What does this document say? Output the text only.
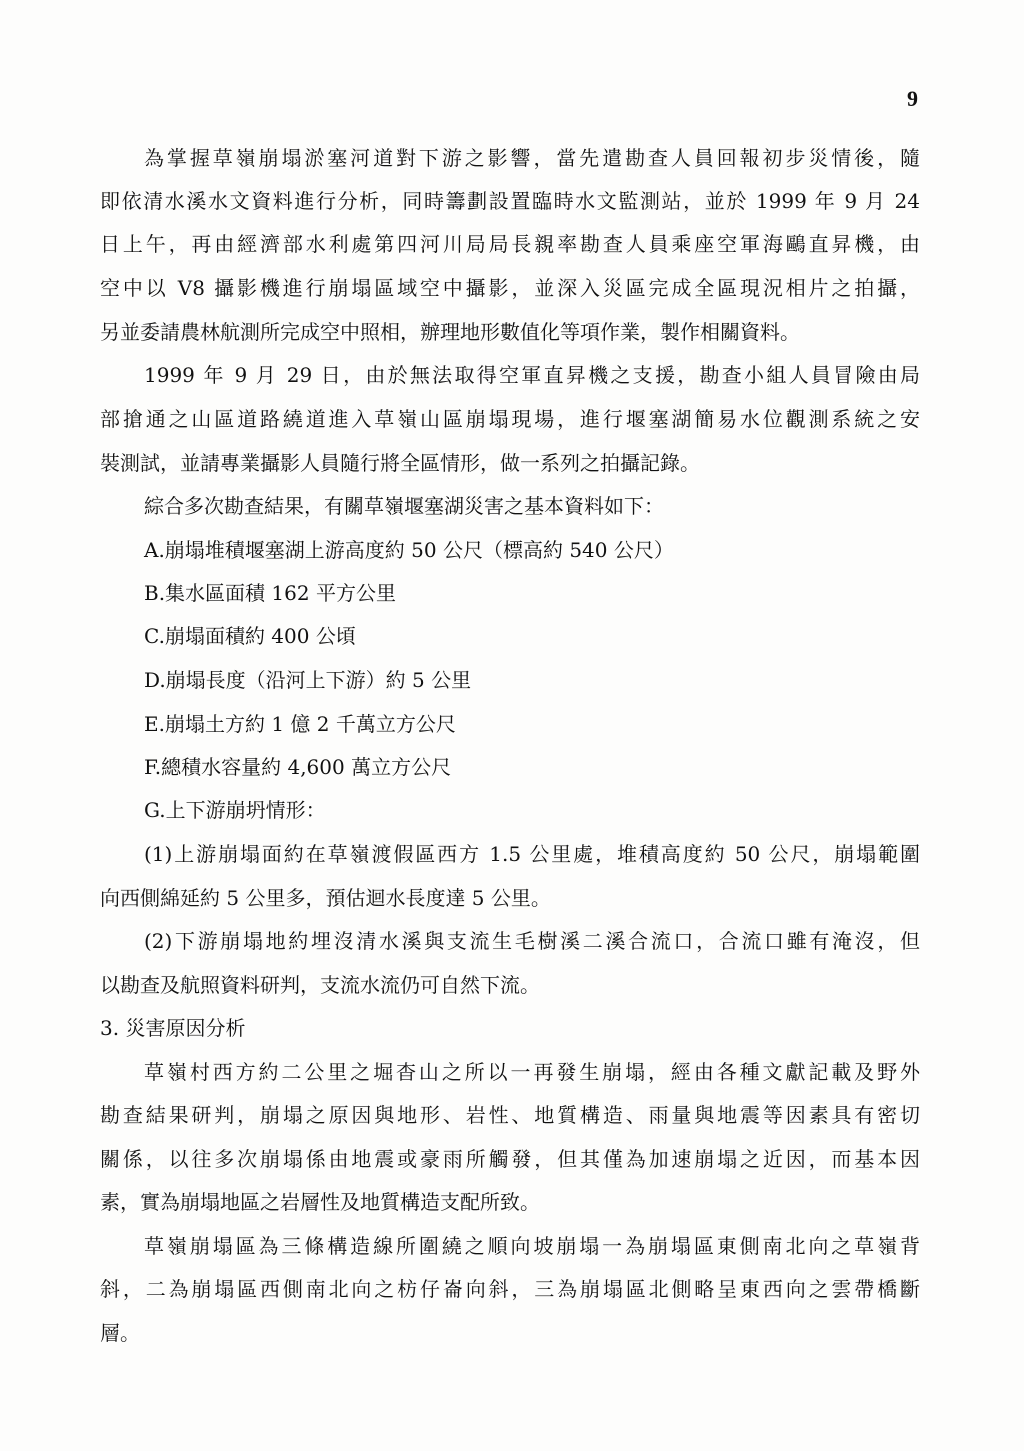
9
為掌握草嶺崩塌淤塞河道對下游之影響，當先遣勘查人員回報初步災情後，隨
即依清水溪水文資料進行分析，同時籌劃設置臨時水文監測站，並於 1999 年 9 月 24
日上午，再由經濟部水利處第四河川局局長親率勘查人員乘座空軍海鷗直昇機，由
空中以 V8 攝影機進行崩塌區域空中攝影，並深入災區完成全區現況相片之拍攝，
另並委請農林航測所完成空中照相，辦理地形數值化等項作業，製作相關資料。
1999 年 9 月 29 日，由於無法取得空軍直昇機之支援，勘查小組人員冒險由局
部搶通之山區道路繞道進入草嶺山區崩塌現場，進行堰塞湖簡易水位觀測系統之安
裝測試，並請專業攝影人員隨行將全區情形，做一系列之拍攝記錄。
綜合多次勘查結果，有關草嶺堰塞湖災害之基本資料如下：
A.崩塌堆積堰塞湖上游高度約 50 公尺（標高約 540 公尺）
B.集水區面積 162 平方公里
C.崩塌面積約 400 公頃
D.崩塌長度（沿河上下游）約 5 公里
E.崩塌土方約 1 億 2 千萬立方公尺
F.總積水容量約 4,600 萬立方公尺
G.上下游崩坍情形：
(1)上游崩塌面約在草嶺渡假區西方 1.5 公里處，堆積高度約 50 公尺，崩塌範圍
向西側綿延約 5 公里多，預估迴水長度達 5 公里。
(2)下游崩塌地約埋沒清水溪與支流生毛樹溪二溪合流口，合流口雖有淹沒，但
以勘查及航照資料研判，支流水流仍可自然下流。
3. 災害原因分析
草嶺村西方約二公里之堀杳山之所以一再發生崩塌，經由各種文獻記載及野外
勘查結果研判，崩塌之原因與地形、岩性、地質構造、雨量與地震等因素具有密切
關係，以往多次崩塌係由地震或豪雨所觸發，但其僅為加速崩塌之近因，而基本因
素，實為崩塌地區之岩層性及地質構造支配所致。
草嶺崩塌區為三條構造線所圍繞之順向坡崩塌一為崩塌區東側南北向之草嶺背
斜，二為崩塌區西側南北向之枋仔崙向斜，三為崩塌區北側略呈東西向之雲帶橋斷
層。
